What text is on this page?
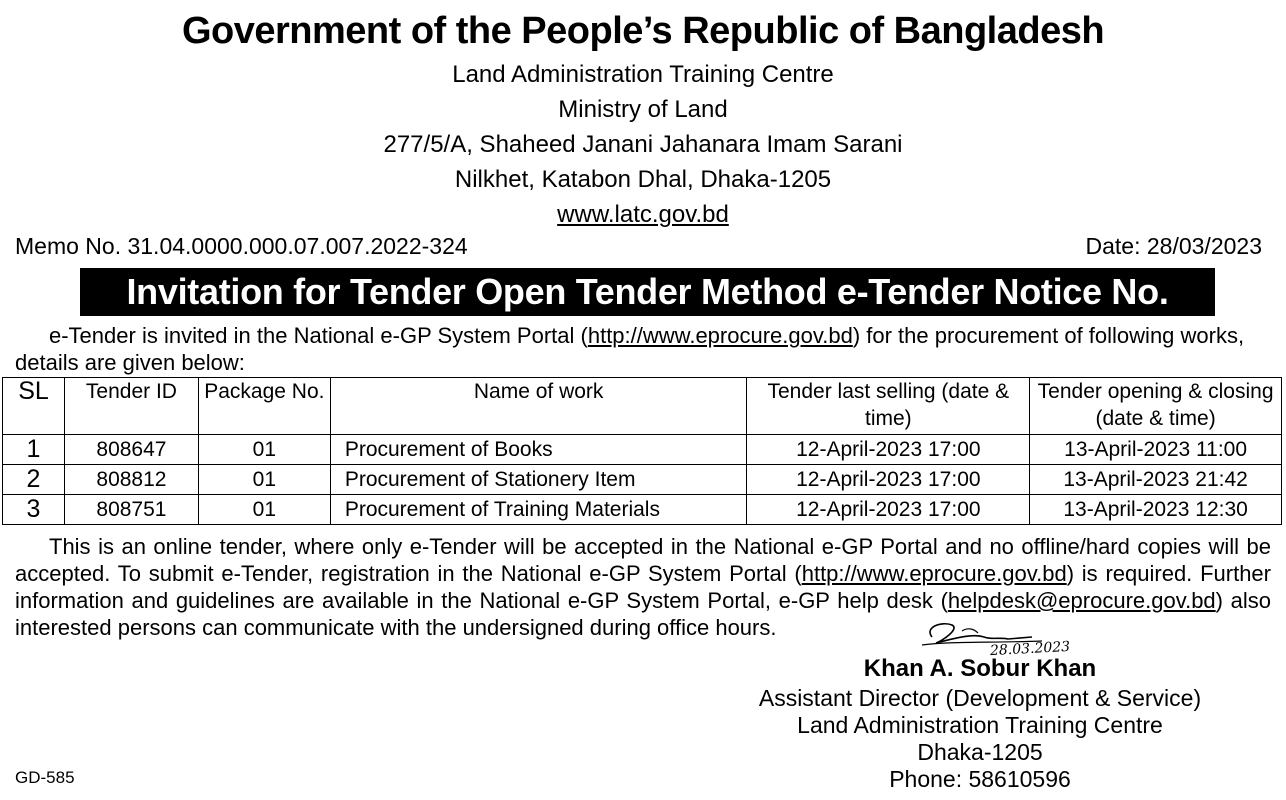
Government of the People’s Republic of Bangladesh
Land Administration Training Centre
Ministry of Land
277/5/A, Shaheed Janani Jahanara Imam Sarani
Nilkhet, Katabon Dhal, Dhaka-1205
www.latc.gov.bd
Memo No. 31.04.0000.000.07.007.2022-324	Date: 28/03/2023
Invitation for Tender Open Tender Method e-Tender Notice No.
e-Tender is invited in the National e-GP System Portal (http://www.eprocure.gov.bd) for the procurement of following works, details are given below:
SL	Tender ID	Package No.	Name of work	Tender last selling (date & time)	Tender opening & closing (date & time)
1	808647	01	Procurement of Books	12-April-2023 17:00	13-April-2023 11:00
2	808812	01	Procurement of Stationery Item	12-April-2023 17:00	13-April-2023 21:42
3	808751	01	Procurement of Training Materials	12-April-2023 17:00	13-April-2023 12:30
This is an online tender, where only e-Tender will be accepted in the National e-GP Portal and no offline/hard copies will be accepted. To submit e-Tender, registration in the National e-GP System Portal (http://www.eprocure.gov.bd) is required. Further information and guidelines are available in the National e-GP System Portal, e-GP help desk (helpdesk@eprocure.gov.bd) also interested persons can communicate with the undersigned during office hours.
28.03.2023
Khan A. Sobur Khan
Assistant Director (Development & Service)
Land Administration Training Centre
Dhaka-1205
Phone: 58610596
GD-585
